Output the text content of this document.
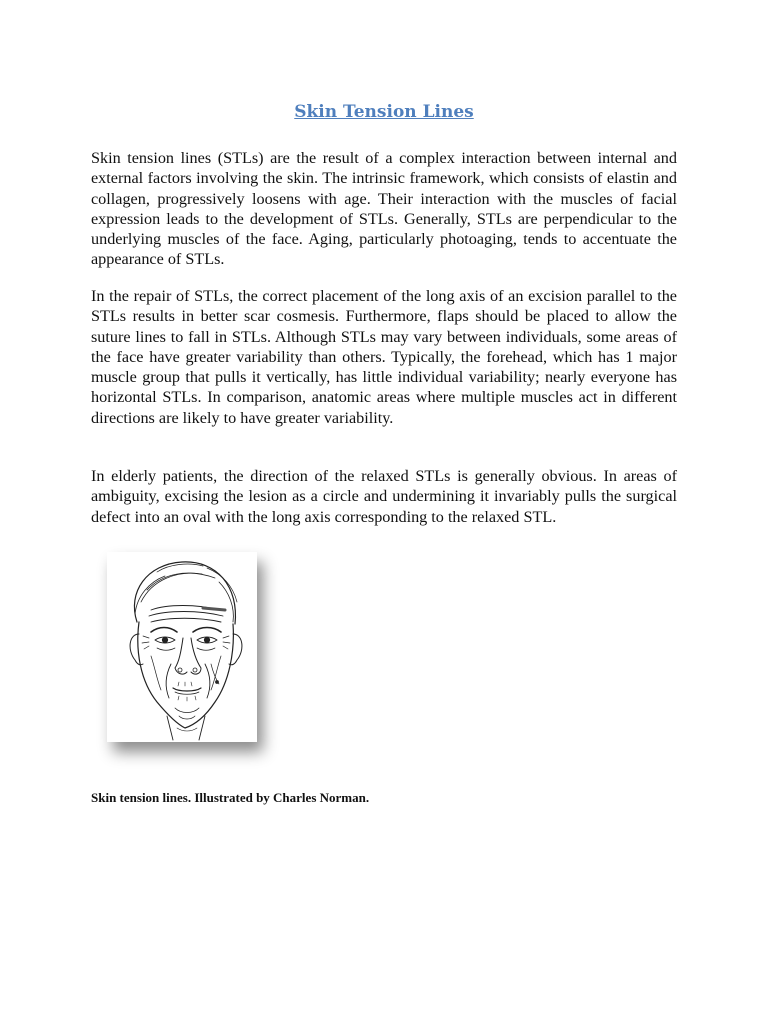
Skin Tension Lines

Skin tension lines (STLs) are the result of a complex interaction between internal and external factors involving the skin. The intrinsic framework, which consists of elastin and collagen, progressively loosens with age. Their interaction with the muscles of facial expression leads to the development of STLs. Generally, STLs are perpendicular to the underlying muscles of the face. Aging, particularly photoaging, tends to accentuate the appearance of STLs.

In the repair of STLs, the correct placement of the long axis of an excision parallel to the STLs results in better scar cosmesis. Furthermore, flaps should be placed to allow the suture lines to fall in STLs. Although STLs may vary between individuals, some areas of the face have greater variability than others. Typically, the forehead, which has 1 major muscle group that pulls it vertically, has little individual variability; nearly everyone has horizontal STLs. In comparison, anatomic areas where multiple muscles act in different directions are likely to have greater variability.

In elderly patients, the direction of the relaxed STLs is generally obvious. In areas of ambiguity, excising the lesion as a circle and undermining it invariably pulls the surgical defect into an oval with the long axis corresponding to the relaxed STL.

Skin tension lines. Illustrated by Charles Norman.
